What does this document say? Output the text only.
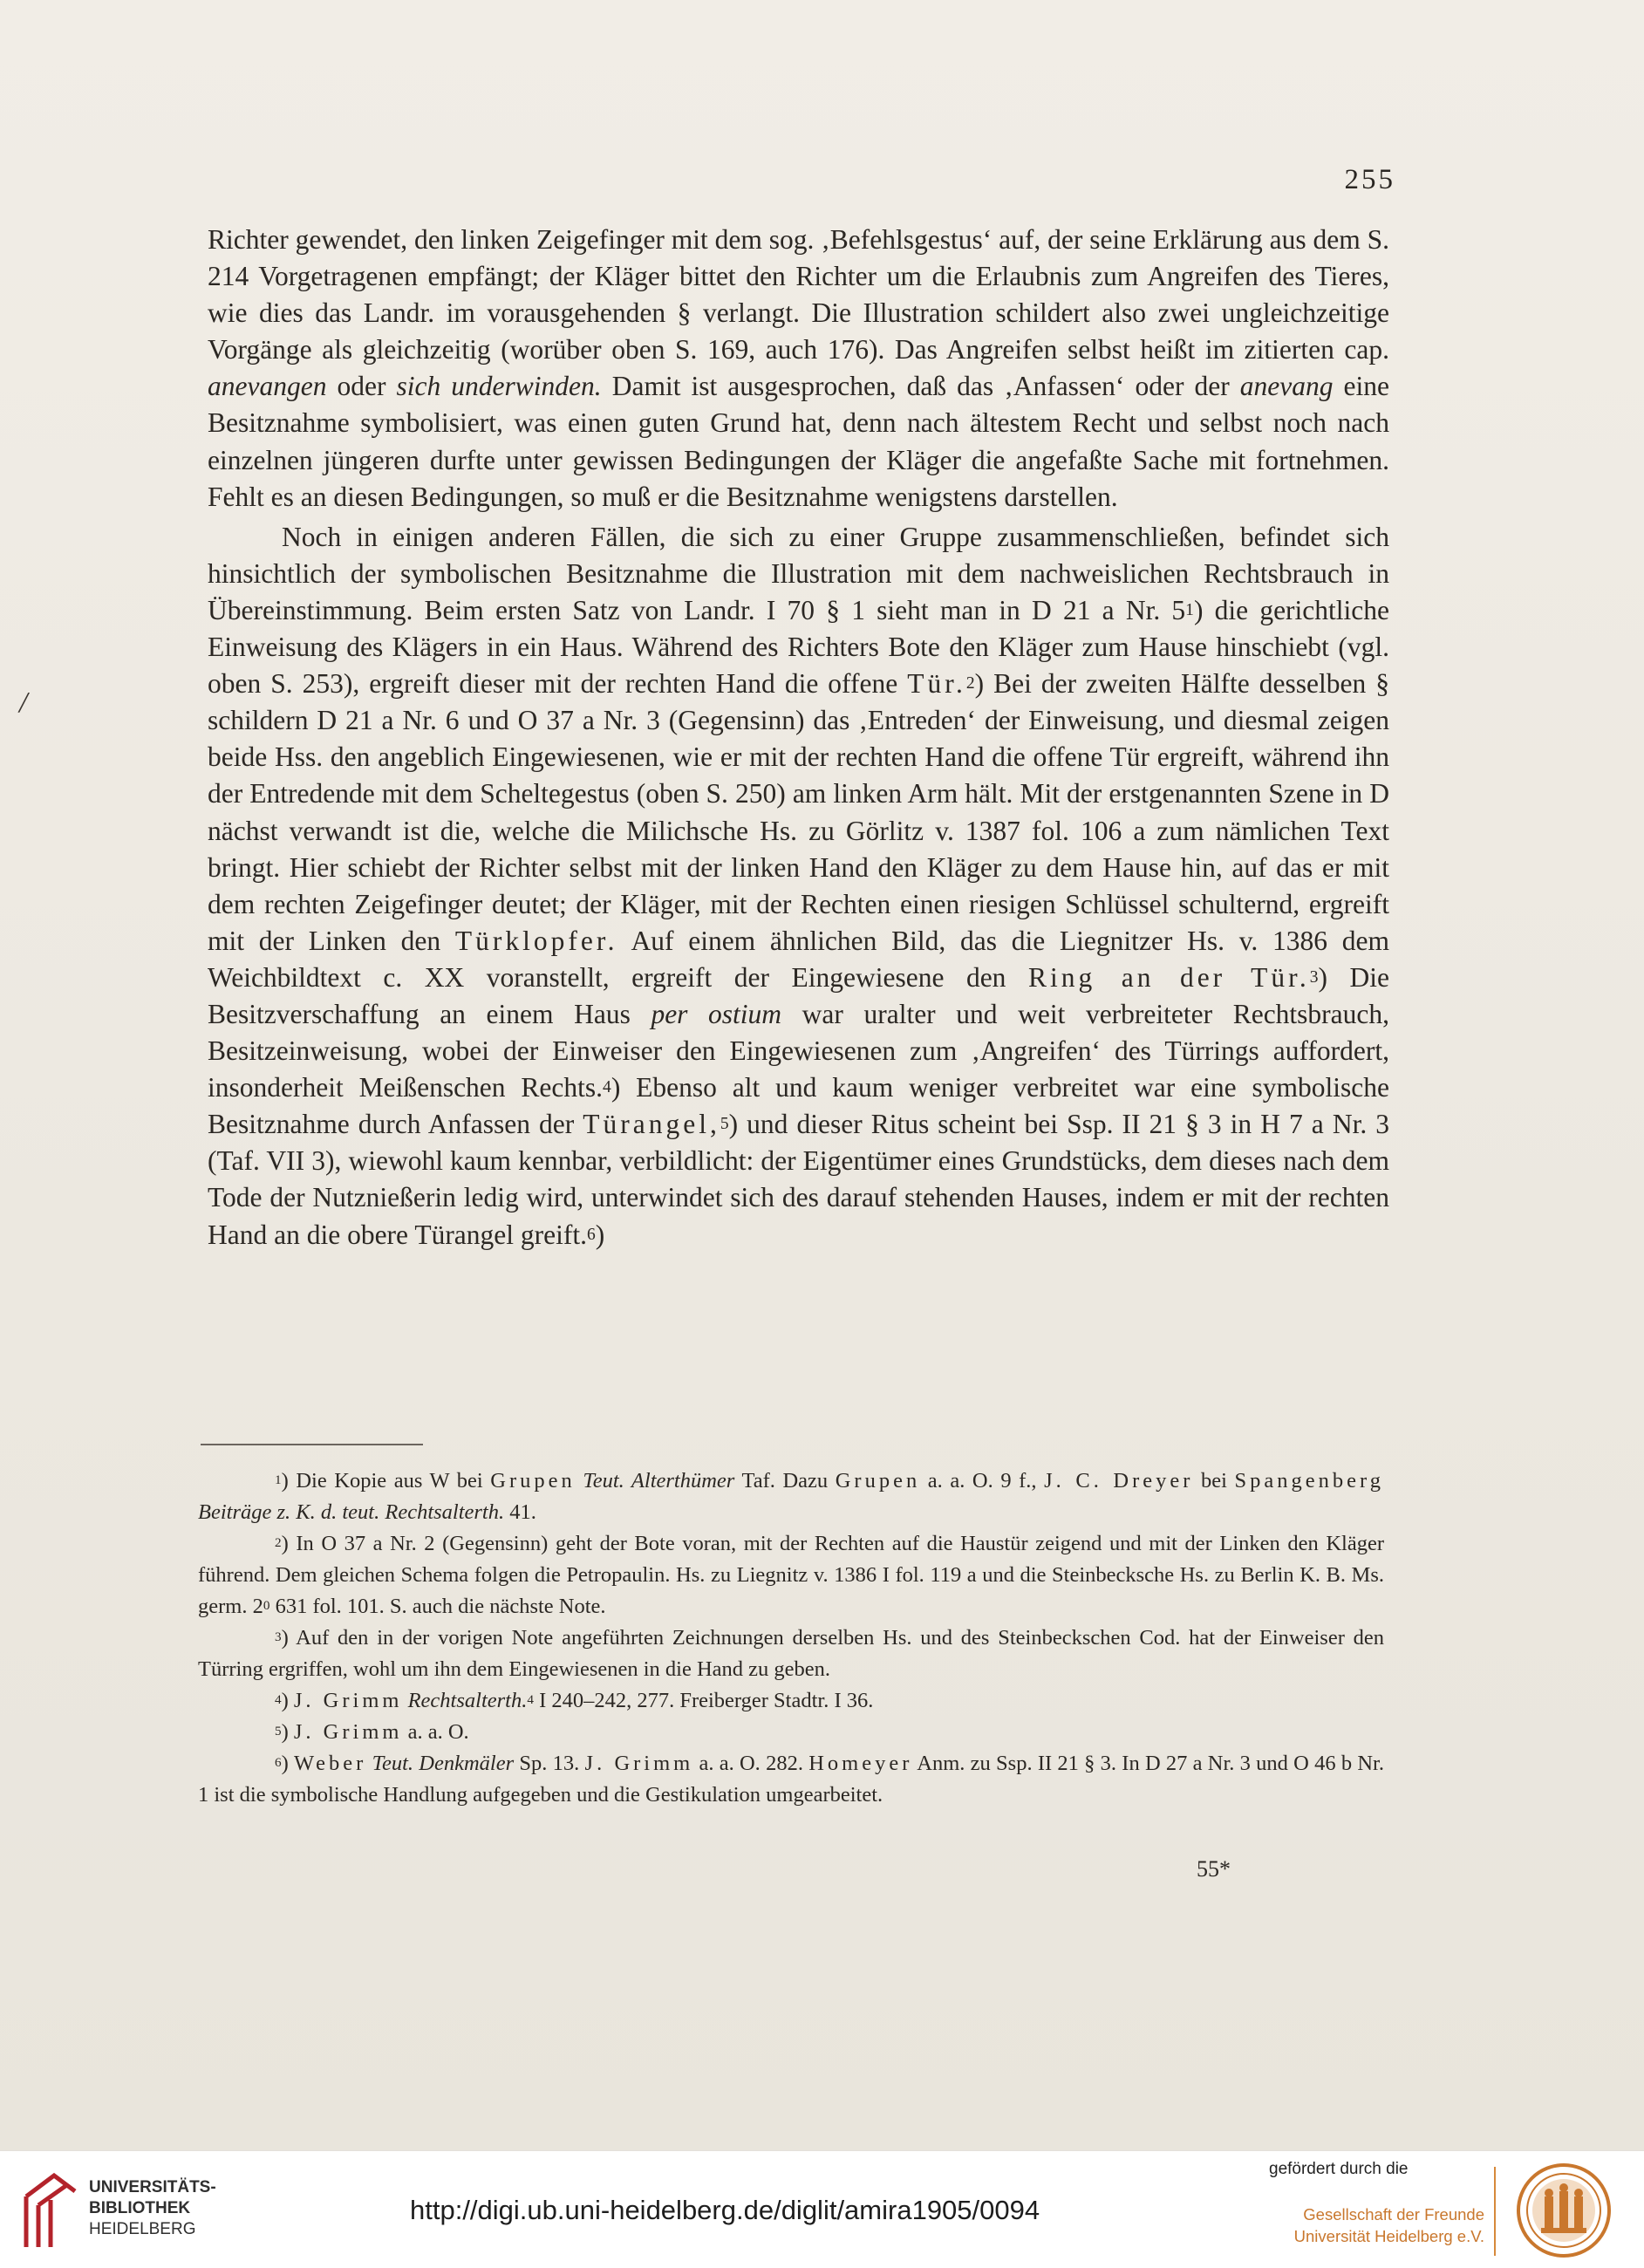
255
/

Richter gewendet, den linken Zeigefinger mit dem sog. ‚Befehlsgestus‘ auf, der seine Erklärung aus dem S. 214 Vorgetragenen empfängt; der Kläger bittet den Richter um die Erlaubnis zum Angreifen des Tieres, wie dies das Landr. im vorausgehenden § verlangt. Die Illustration schildert also zwei ungleichzeitige Vorgänge als gleichzeitig (worüber oben S. 169, auch 176). Das Angreifen selbst heißt im zitierten cap. anevangen oder sich underwinden. Damit ist ausgesprochen, daß das ‚Anfassen‘ oder der anevang eine Besitznahme symbolisiert, was einen guten Grund hat, denn nach ältestem Recht und selbst noch nach einzelnen jüngeren durfte unter gewissen Bedingungen der Kläger die angefaßte Sache mit fortnehmen. Fehlt es an diesen Bedingungen, so muß er die Besitznahme wenigstens darstellen.

Noch in einigen anderen Fällen, die sich zu einer Gruppe zusammenschließen, befindet sich hinsichtlich der symbolischen Besitznahme die Illustration mit dem nachweislichen Rechtsbrauch in Übereinstimmung. Beim ersten Satz von Landr. I 70 § 1 sieht man in D 21 a Nr. $5^1$) die gerichtliche Einweisung des Klägers in ein Haus. Während des Richters Bote den Kläger zum Hause hinschiebt (vgl. oben S. 253), ergreift dieser mit der rechten Hand die offene Tür.$^2$) Bei der zweiten Hälfte desselben § schildern D 21 a Nr. 6 und O 37 a Nr. 3 (Gegensinn) das ‚Entreden‘ der Einweisung, und diesmal zeigen beide Hss. den angeblich Eingewiesenen, wie er mit der rechten Hand die offene Tür ergreift, während ihn der Entredende mit dem Scheltegestus (oben S. 250) am linken Arm hält. Mit der erstgenannten Szene in D nächst verwandt ist die, welche die Milichsche Hs. zu Görlitz v. 1387 fol. 106 a zum nämlichen Text bringt. Hier schiebt der Richter selbst mit der linken Hand den Kläger zu dem Hause hin, auf das er mit dem rechten Zeigefinger deutet; der Kläger, mit der Rechten einen riesigen Schlüssel schulternd, ergreift mit der Linken den Türklopfer. Auf einem ähnlichen Bild, das die Liegnitzer Hs. v. 1386 dem Weichbildtext c. XX voranstellt, ergreift der Eingewiesene den Ring an der Tür.$^3$) Die Besitzverschaffung an einem Haus per ostium war uralter und weit verbreiteter Rechtsbrauch, Besitzeinweisung, wobei der Einweiser den Eingewiesenen zum ‚Angreifen‘ des Türrings auffordert, insonderheit Meißenschen Rechts.$^4$) Ebenso alt und kaum weniger verbreitet war eine symbolische Besitznahme durch Anfassen der Türangel,$^5$) und dieser Ritus scheint bei Ssp. II 21 § 3 in H 7 a Nr. 3 (Taf. VII 3), wiewohl kaum kennbar, verbildlicht: der Eigentümer eines Grundstücks, dem dieses nach dem Tode der Nutznießerin ledig wird, unterwindet sich des darauf stehenden Hauses, indem er mit der rechten Hand an die obere Türangel greift.$^6$)

$^1$) Die Kopie aus W bei Grupen Teut. Alterthümer Taf. Dazu Grupen a. a. O. 9 f., J. C. Dreyer bei Spangenberg Beiträge z. K. d. teut. Rechtsalterth. 41.
$^2$) In O 37 a Nr. 2 (Gegensinn) geht der Bote voran, mit der Rechten auf die Haustür zeigend und mit der Linken den Kläger führend. Dem gleichen Schema folgen die Petropaulin. Hs. zu Liegnitz v. 1386 I fol. 119 a und die Steinbecksche Hs. zu Berlin K. B. Ms. germ. $2^0$ 631 fol. 101. S. auch die nächste Note.
$^3$) Auf den in der vorigen Note angeführten Zeichnungen derselben Hs. und des Steinbeckschen Cod. hat der Einweiser den Türring ergriffen, wohl um ihn dem Eingewiesenen in die Hand zu geben.
$^4$) J. Grimm Rechtsalterth.$^4$ I 240–242, 277. Freiberger Stadtr. I 36.
$^5$) J. Grimm a. a. O.
$^6$) Weber Teut. Denkmäler Sp. 13. J. Grimm a. a. O. 282. Homeyer Anm. zu Ssp. II 21 § 3. In D 27 a Nr. 3 und O 46 b Nr. 1 ist die symbolische Handlung aufgegeben und die Gestikulation umgearbeitet.
55*
UNIVERSITÄTS-
BIBLIOTHEK
HEIDELBERG
http://digi.ub.uni-heidelberg.de/diglit/amira1905/0094
gefördert durch die
Gesellschaft der Freunde
Universität Heidelberg e.V.
